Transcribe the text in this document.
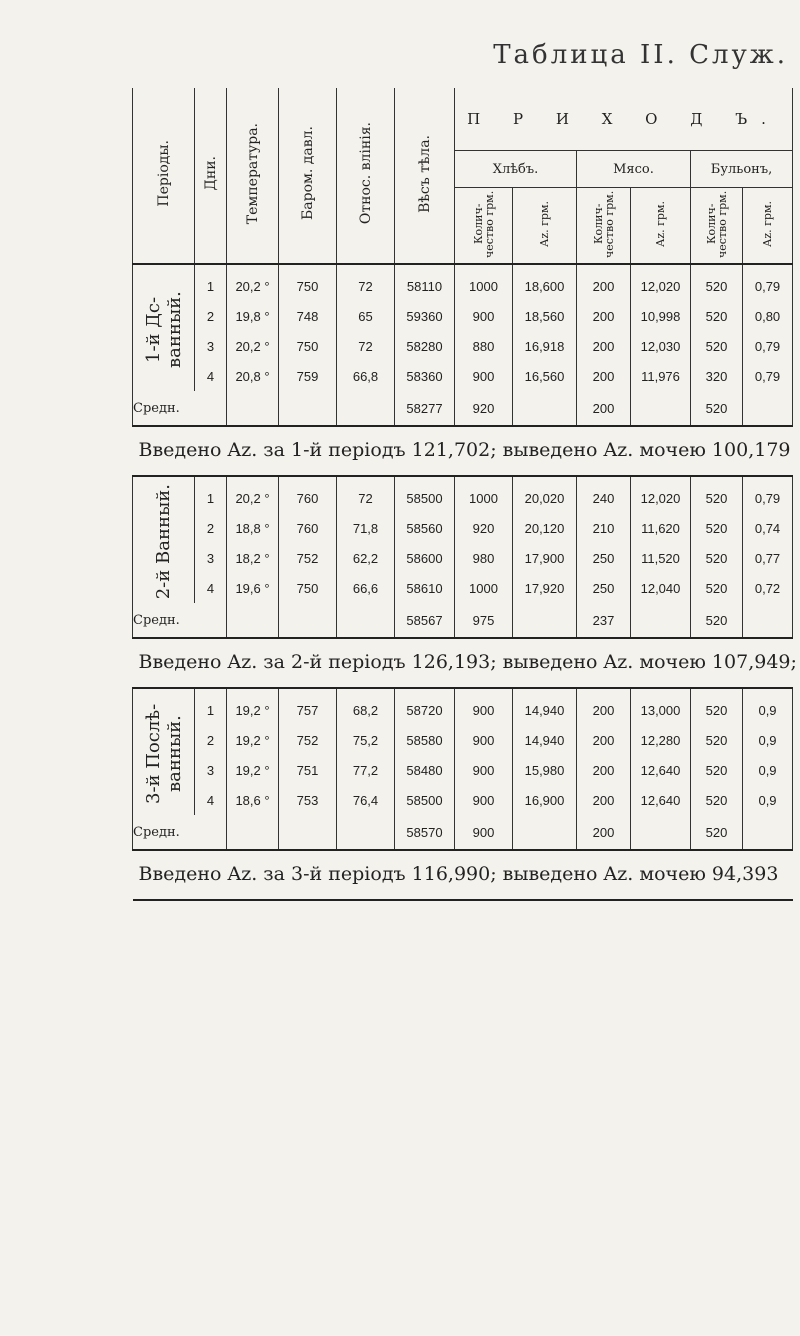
Таблица II. Служ.
Періоды.	Дни.	Температура.	Баром. давл.	Относ. влінія.	Вѣсъ тѣла.	П Р И Х О Д Ъ.					
						Хлѣбъ.		Мясо.		Бульонъ,	
						Колич- чество грм.	Аz. грм.	Колич- чество грм.	Аz. грм.	Колич- чество грм.	Аz. грм.
1-й Дс-ванный.	1	20,2 °	750	72	58110	1000	18,600	200	12,020	520	0,79
	2	19,8 °	748	65	59360	900	18,560	200	10,998	520	0,80
	3	20,2 °	750	72	58280	880	16,918	200	12,030	520	0,79
	4	20,8 °	759	66,8	58360	900	16,560	200	11,976	320	0,79
Средн.					58277	920		200		520	
Введено Az. за 1-й періодъ 121,702; выведено Az. мочею 100,179											
2-й Ванный.	1	20,2 °	760	72	58500	1000	20,020	240	12,020	520	0,79
	2	18,8 °	760	71,8	58560	920	20,120	210	11,620	520	0,74
	3	18,2 °	752	62,2	58600	980	17,900	250	11,520	520	0,77
	4	19,6 °	750	66,6	58610	1000	17,920	250	12,040	520	0,72
Средн.					58567	975		237		520	
Введено Az. за 2-й періодъ 126,193; выведено Az. мочею 107,949;											
3-й Послѣ-ванный.	1	19,2 °	757	68,2	58720	900	14,940	200	13,000	520	0,9
	2	19,2 °	752	75,2	58580	900	14,940	200	12,280	520	0,9
	3	19,2 °	751	77,2	58480	900	15,980	200	12,640	520	0,9
	4	18,6 °	753	76,4	58500	900	16,900	200	12,640	520	0,9
Средн.					58570	900		200		520	
Введено Az. за 3-й періодъ 116,990; выведено Az. мочею 94,393											
